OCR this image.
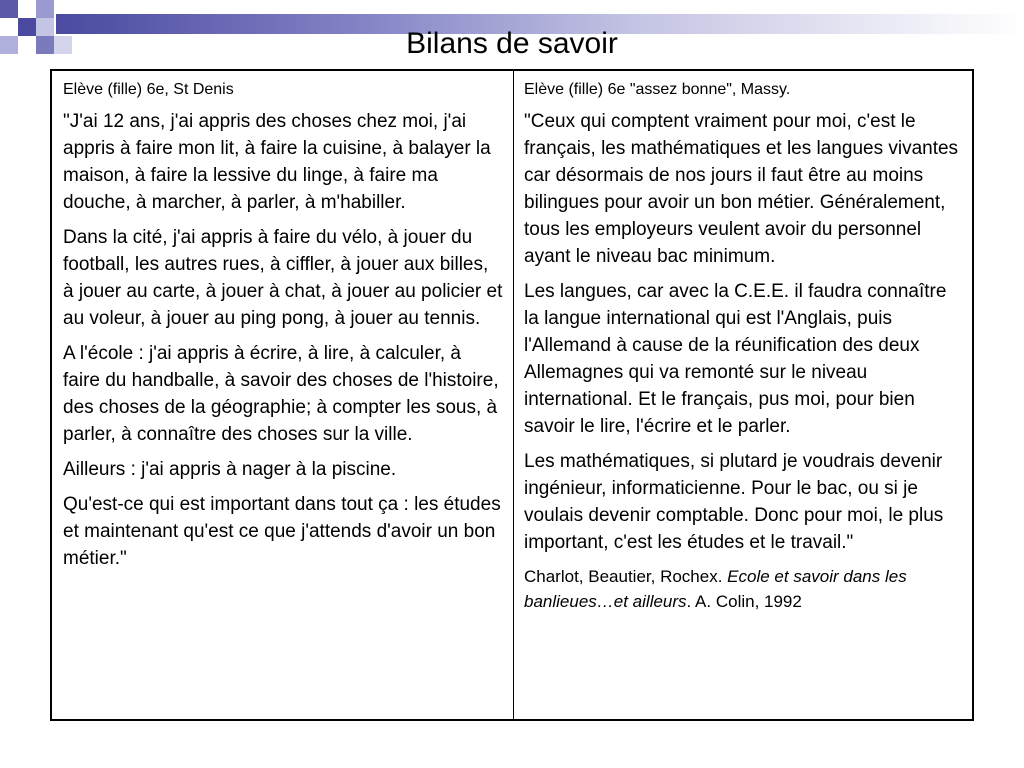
Bilans de savoir

Elève (fille) 6e, St Denis

"J'ai 12 ans, j'ai appris des choses chez moi, j'ai appris à faire mon lit, à faire la cuisine, à balayer la maison, à faire la lessive du linge, à faire ma douche, à marcher, à parler, à m'habiller.

Dans la cité, j'ai appris à faire du vélo, à jouer du football, les autres rues, à ciffler, à jouer aux billes, à jouer au carte, à jouer à chat, à jouer au policier et au voleur, à jouer au ping pong, à jouer au tennis.

A l'école : j'ai appris à écrire, à lire, à calculer, à faire du handballe, à savoir des choses de l'histoire, des choses de la géographie; à compter les sous, à parler, à connaître des choses sur la ville.

Ailleurs : j'ai appris à nager à la piscine.

Qu'est-ce qui est important dans tout ça : les études et maintenant qu'est ce que j'attends d'avoir un bon métier."

Elève (fille) 6e "assez bonne", Massy.

"Ceux qui comptent vraiment pour moi, c'est le français, les mathématiques et les langues vivantes car désormais de nos jours il faut être au moins bilingues pour avoir un bon métier. Généralement, tous les employeurs veulent avoir du personnel ayant le niveau bac minimum.

Les langues, car avec la C.E.E. il faudra connaître la langue international qui est l'Anglais, puis l'Allemand à cause de la réunification des deux Allemagnes qui va remonté sur le niveau international. Et le français, pus moi, pour bien savoir le lire, l'écrire et le parler.

Les mathématiques, si plutard je voudrais devenir ingénieur, informaticienne. Pour le bac, ou si je voulais devenir comptable. Donc pour moi, le plus important, c'est les études et le travail."

Charlot, Beautier, Rochex. Ecole et savoir dans les banlieues…et ailleurs. A. Colin, 1992
